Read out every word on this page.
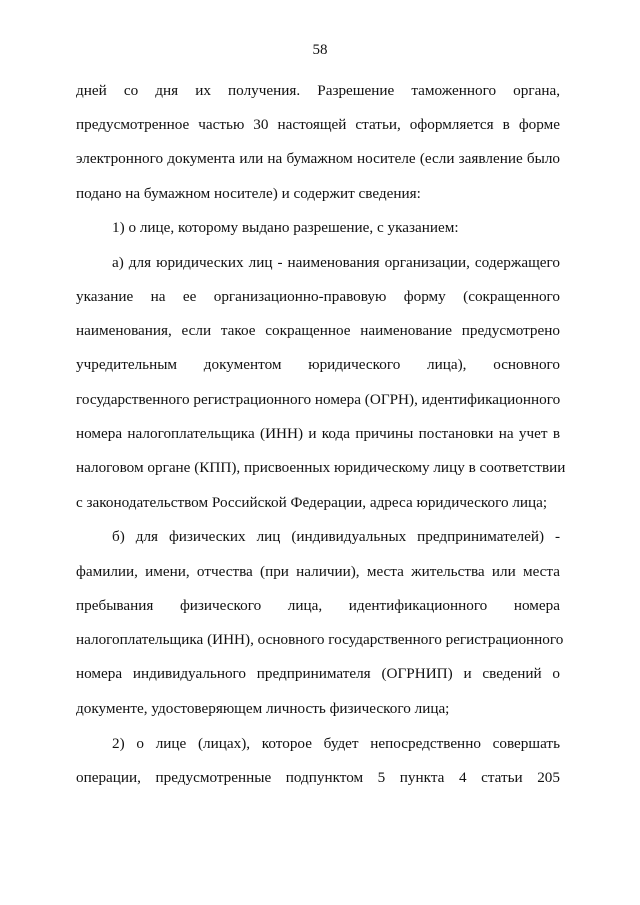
58
дней со дня их получения. Разрешение таможенного органа,
предусмотренное частью 30 настоящей статьи, оформляется в форме
электронного документа или на бумажном носителе (если заявление было
подано на бумажном носителе) и содержит сведения:
1) о лице, которому выдано разрешение, с указанием:
а) для юридических лиц - наименования организации, содержащего
указание на ее организационно-правовую форму (сокращенного
наименования, если такое сокращенное наименование предусмотрено
учредительным документом юридического лица), основного
государственного регистрационного номера (ОГРН), идентификационного
номера налогоплательщика (ИНН) и кода причины постановки на учет в
налоговом органе (КПП), присвоенных юридическому лицу в соответствии
с законодательством Российской Федерации, адреса юридического лица;
б) для физических лиц (индивидуальных предпринимателей) -
фамилии, имени, отчества (при наличии), места жительства или места
пребывания физического лица, идентификационного номера
налогоплательщика (ИНН), основного государственного регистрационного
номера индивидуального предпринимателя (ОГРНИП) и сведений о
документе, удостоверяющем личность физического лица;
2) о лице (лицах), которое будет непосредственно совершать
операции, предусмотренные подпунктом 5 пункта 4 статьи 205
